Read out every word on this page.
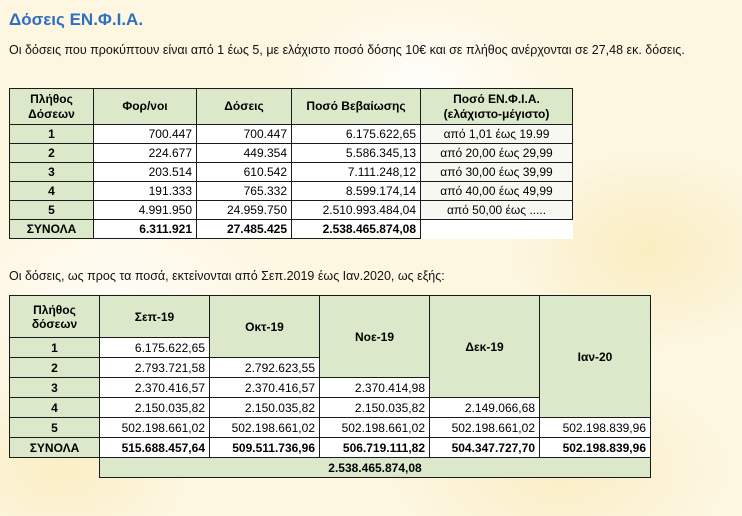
Δόσεις ΕΝ.Φ.Ι.Α.
Οι δόσεις που προκύπτουν είναι από 1 έως 5, με ελάχιστο ποσό δόσης 10€ και σε πλήθος ανέρχονται σε 27,48 εκ. δόσεις.
Πλήθος Δόσεων	Φορ/νοι	Δόσεις	Ποσό Βεβαίωσης	Ποσό ΕΝ.Φ.Ι.Α. (ελάχιστο-μέγιστο)
1	700.447	700.447	6.175.622,65	από 1,01 έως 19.99
2	224.677	449.354	5.586.345,13	από 20,00 έως 29,99
3	203.514	610.542	7.111.248,12	από 30,00 έως 39,99
4	191.333	765.332	8.599.174,14	από 40,00 έως 49,99
5	4.991.950	24.959.750	2.510.993.484,04	από 50,00 έως .....
ΣΥΝΟΛΑ	6.311.921	27.485.425	2.538.465.874,08	
Οι δόσεις, ως προς τα ποσά, εκτείνονται από Σεπ.2019 έως Ιαν.2020, ως εξής:
Πλήθος δόσεων	Σεπ-19	Οκτ-19	Νοε-19	Δεκ-19	Ιαν-20
1	6.175.622,65				
2	2.793.721,58	2.792.623,55			
3	2.370.416,57	2.370.416,57	2.370.414,98		
4	2.150.035,82	2.150.035,82	2.150.035,82	2.149.066,68	
5	502.198.661,02	502.198.661,02	502.198.661,02	502.198.661,02	502.198.839,96
ΣΥΝΟΛΑ	515.688.457,64	509.511.736,96	506.719.111,82	504.347.727,70	502.198.839,96
	2.538.465.874,08				
